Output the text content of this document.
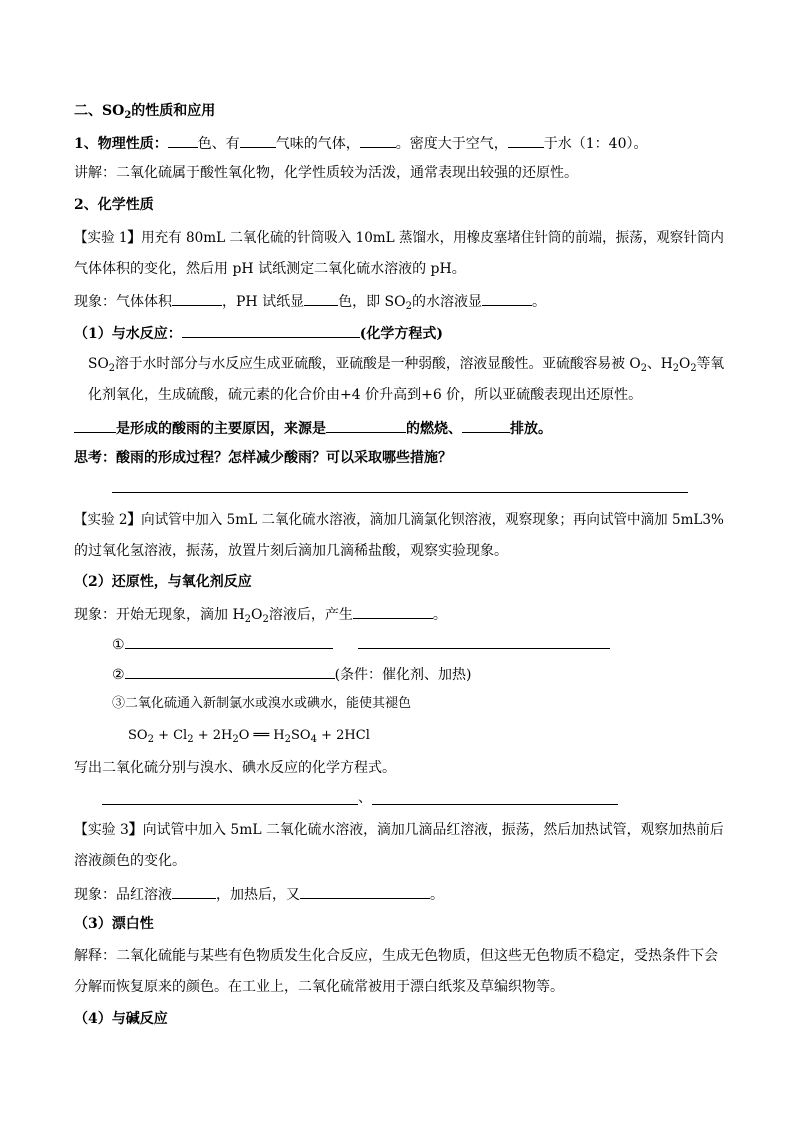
二、$SO_2$的性质和应用
1、物理性质： 色、有	气味的气体，	。密度大于空气，	于水（1：40）。
讲解：二氧化硫属于酸性氧化物，化学性质较为活泼，通常表现出较强的还原性。
2、化学性质
【实验 1】用充有 80mL 二氧化硫的针筒吸入 10mL 蒸馏水，用橡皮塞堵住针筒的前端，振荡，观察针筒内
气体体积的变化，然后用 pH 试纸测定二氧化硫水溶液的 pH。
现象：气体体积	，PH 试纸显 色，即 $SO_2$的水溶液显	。
（1）与水反应：	(化学方程式)
$SO_2$溶于水时部分与水反应生成亚硫酸，亚硫酸是一种弱酸，溶液显酸性。亚硫酸容易被 $O_2$、$H_2O_2$等氧
化剂氧化，生成硫酸，硫元素的化合价由+4 价升高到+6 价，所以亚硫酸表现出还原性。
是形成的酸雨的主要原因，来源是	的燃烧、	排放。
思考：酸雨的形成过程？怎样减少酸雨？可以采取哪些措施？
【实验 2】向试管中加入 5mL 二氧化硫水溶液，滴加几滴氯化钡溶液，观察现象；再向试管中滴加 5mL3%
的过氧化氢溶液，振荡，放置片刻后滴加几滴稀盐酸，观察实验现象。
（2）还原性，与氧化剂反应
现象：开始无现象，滴加 $H_2O_2$溶液后，产生	。
①
②	(条件：催化剂、加热)
③二氧化硫通入新制氯水或溴水或碘水，能使其褪色
$SO_2 + Cl_2 + 2H_2O$ ══ $H_2SO_4 + 2HCl$
写出二氧化硫分别与溴水、碘水反应的化学方程式。
、
【实验 3】向试管中加入 5mL 二氧化硫水溶液，滴加几滴品红溶液，振荡，然后加热试管，观察加热前后
溶液颜色的变化。
现象：品红溶液	，加热后，又	。
（3）漂白性
解释：二氧化硫能与某些有色物质发生化合反应，生成无色物质，但这些无色物质不稳定，受热条件下会
分解而恢复原来的颜色。在工业上，二氧化硫常被用于漂白纸浆及草编织物等。
（4）与碱反应
